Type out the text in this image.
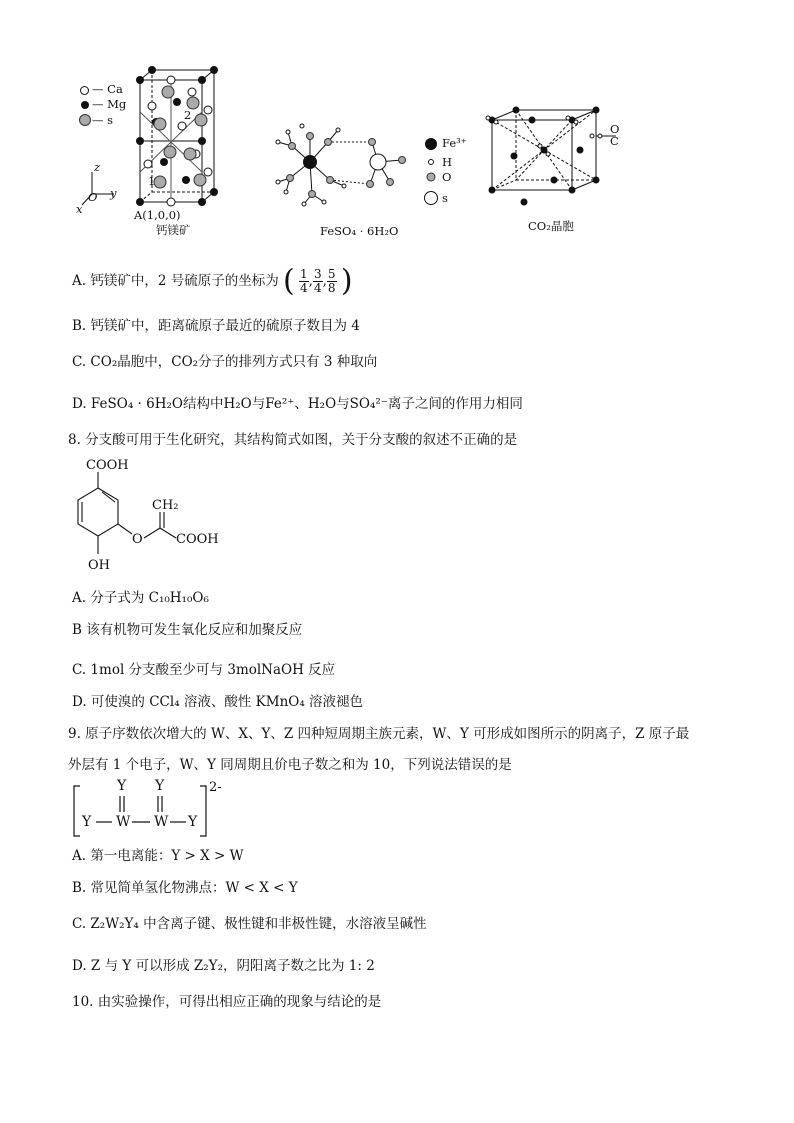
— Ca
— Mg
— s	2
1
z
O y
x	A(1,0,0)
钙镁矿
Fe³⁺
H
O
s
FeSO₄ · 6H₂O
O
C
CO₂晶胞
A. 钙镁矿中，2 号硫原子的坐标为 ( $\frac{1}{4}$ , $\frac{3}{4}$ , $\frac{5}{8}$ )
B. 钙镁矿中，距离硫原子最近的硫原子数目为 4
C. CO₂晶胞中，CO₂分子的排列方式只有 3 种取向
D. FeSO₄ · 6H₂O结构中H₂O与Fe²⁺、H₂O与SO₄²⁻离子之间的作用力相同
8. 分支酸可用于生化研究，其结构简式如图，关于分支酸的叙述不正确的是
COOH
CH₂
O	COOH
OH
A. 分子式为 C₁₀H₁₀O₆
B 该有机物可发生氧化反应和加聚反应
C. 1mol 分支酸至少可与 3molNaOH 反应
D. 可使溴的 CCl₄ 溶液、酸性 KMnO₄ 溶液褪色
9. 原子序数依次增大的 W、X、Y、Z 四种短周期主族元素，W、Y 可形成如图所示的阴离子，Z 原子最
外层有 1 个电子，W、Y 同周期且价电子数之和为 10，下列说法错误的是
Y Y
Y W W Y
2-
A. 第一电离能：Y > X > W
B. 常见简单氢化物沸点：W < X < Y
C. Z₂W₂Y₄ 中含离子键、极性键和非极性键，水溶液呈碱性
D. Z 与 Y 可以形成 Z₂Y₂，阴阳离子数之比为 1: 2
10. 由实验操作，可得出相应正确的现象与结论的是
